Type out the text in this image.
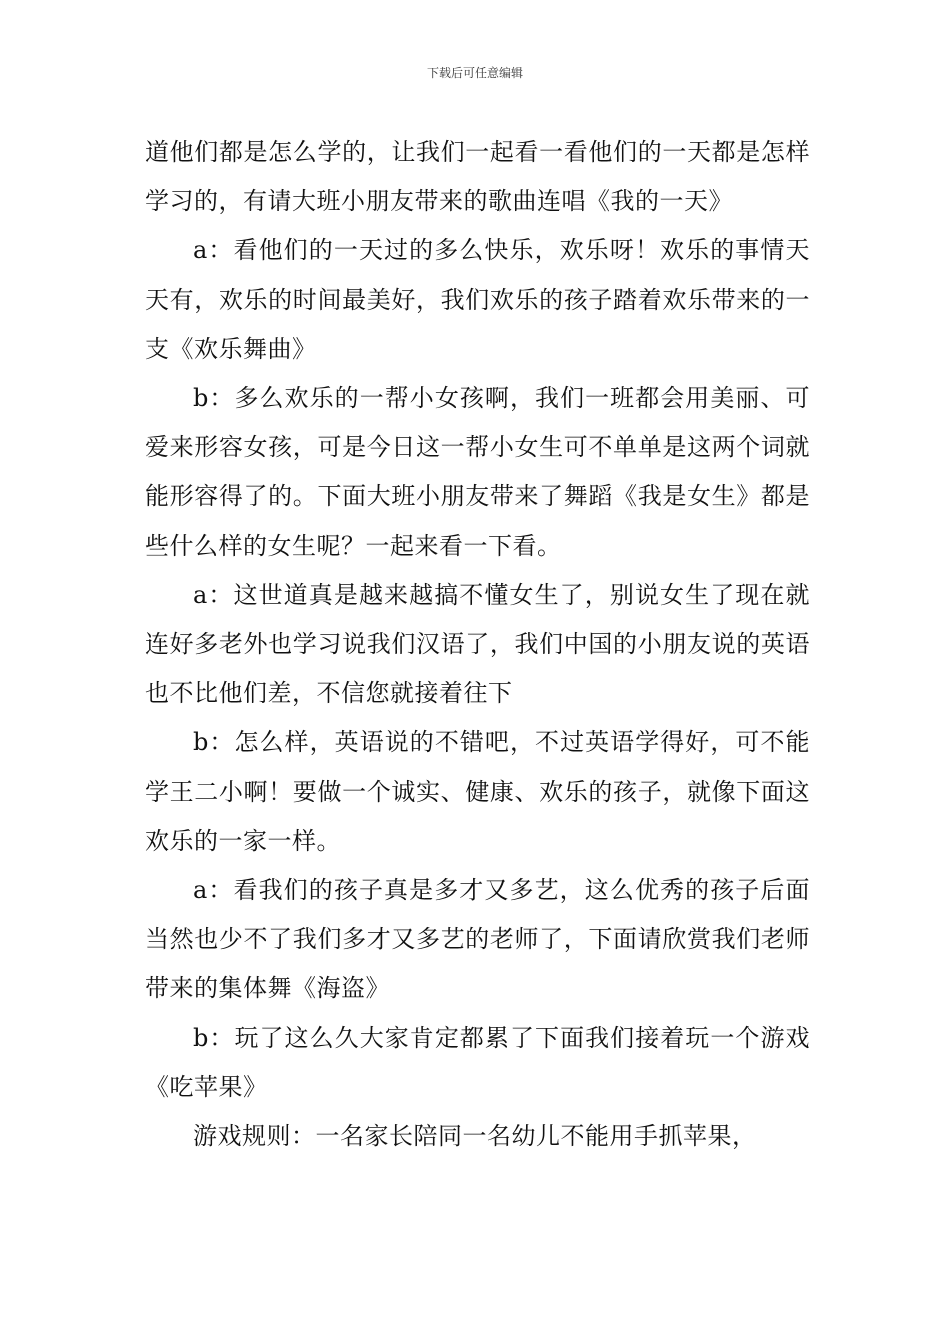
下载后可任意编辑

道他们都是怎么学的，让我们一起看一看他们的一天都是怎样学习的，有请大班小朋友带来的歌曲连唱《我的一天》

a：看他们的一天过的多么快乐，欢乐呀！欢乐的事情天天有，欢乐的时间最美好，我们欢乐的孩子踏着欢乐带来的一支《欢乐舞曲》

b：多么欢乐的一帮小女孩啊，我们一班都会用美丽、可爱来形容女孩，可是今日这一帮小女生可不单单是这两个词就能形容得了的。下面大班小朋友带来了舞蹈《我是女生》都是些什么样的女生呢？一起来看一下看。

a：这世道真是越来越搞不懂女生了，别说女生了现在就连好多老外也学习说我们汉语了，我们中国的小朋友说的英语也不比他们差，不信您就接着往下

b：怎么样，英语说的不错吧，不过英语学得好，可不能学王二小啊！要做一个诚实、健康、欢乐的孩子，就像下面这欢乐的一家一样。

a：看我们的孩子真是多才又多艺，这么优秀的孩子后面当然也少不了我们多才又多艺的老师了，下面请欣赏我们老师带来的集体舞《海盗》

b：玩了这么久大家肯定都累了下面我们接着玩一个游戏《吃苹果》

游戏规则：一名家长陪同一名幼儿不能用手抓苹果，
